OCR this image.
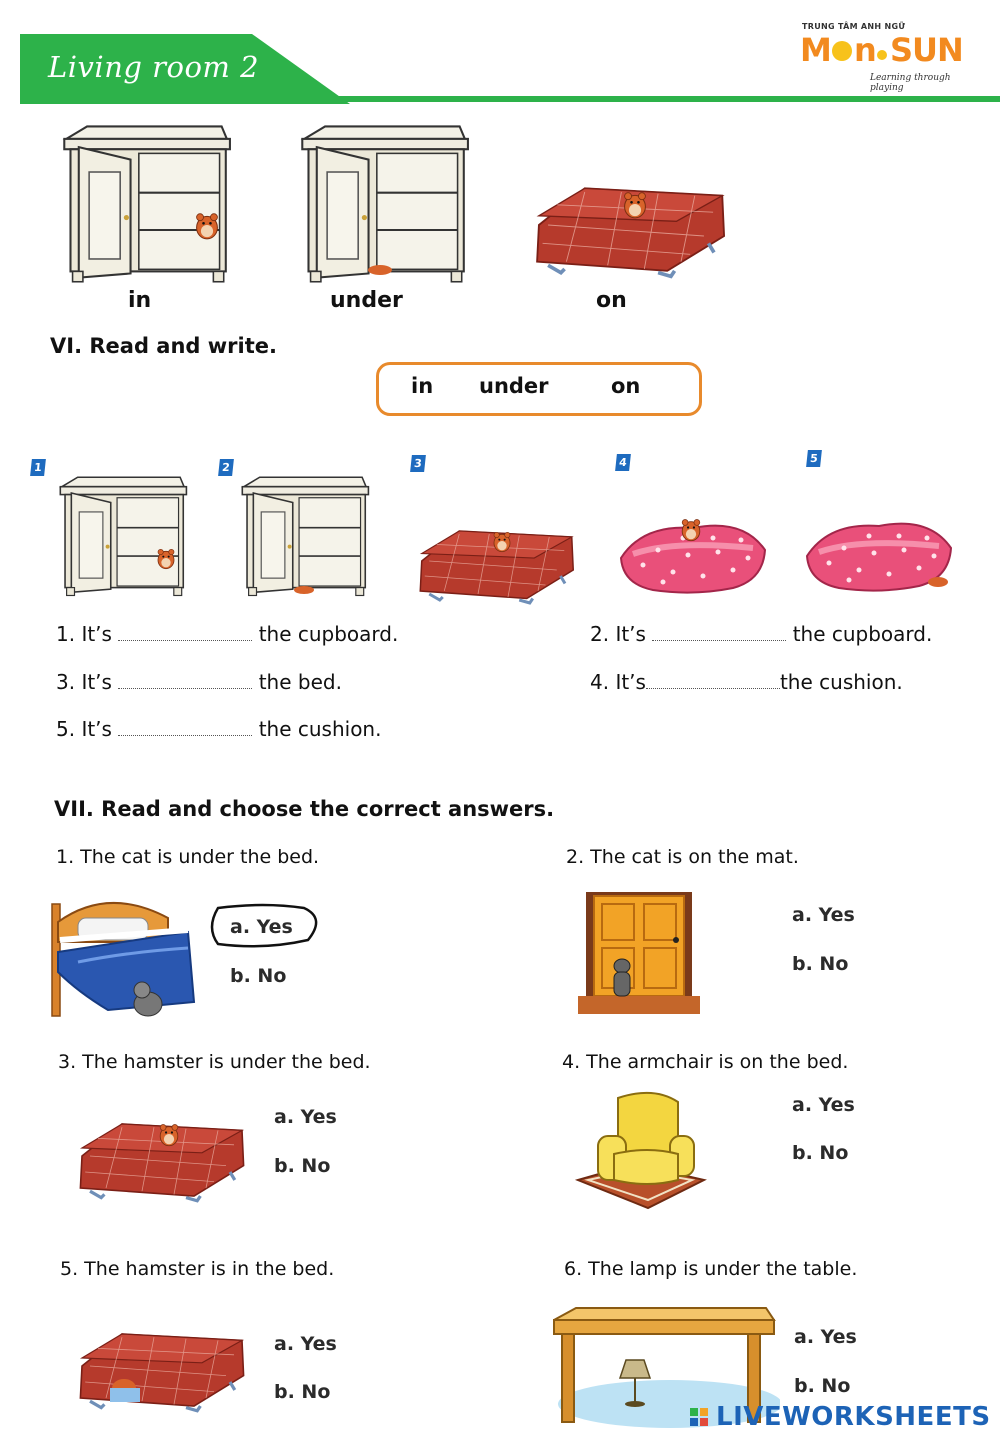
Living room 2
TRUNG TÂM ANH NGỮ
M n SUN
Learning through playing
in	under	on
VI. Read and write.
in under	on
1	2	3	4	5
1. It’s	the cupboard.	2. It’s	the cupboard.
3. It’s	the bed.	4. It’s	the cushion.
5. It’s	the cushion.
VII. Read and choose the correct answers.
1. The cat is under the bed.
a. Yes
b. No
2. The cat is on the mat.
a. Yes
b. No
3. The hamster is under the bed.
a. Yes
b. No
4. The armchair is on the bed.
a. Yes
b. No
5. The hamster is in the bed.
a. Yes
b. No
6. The lamp is under the table.
a. Yes
b. No
LIVEWORKSHEETS
